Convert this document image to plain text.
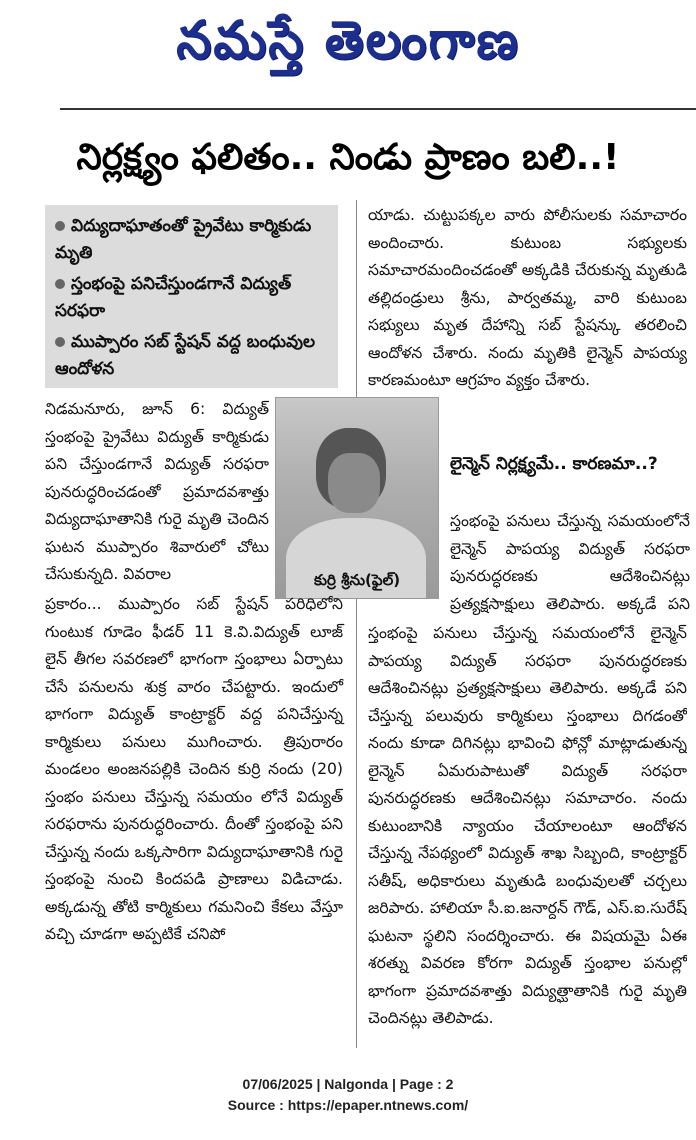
నమస్తే తెలంగాణ
నిర్లక్ష్యం ఫలితం.. నిండు ప్రాణం బలి..!
విద్యుదాఘాతంతో ప్రైవేటు కార్మికుడు మృతి
స్తంభంపై పనిచేస్తుండగానే విద్యుత్ సరఫరా
ముప్పారం సబ్ స్టేషన్ వద్ద బంధువుల ఆందోళన

నిడమనూరు, జూన్ 6: విద్యుత్ స్తంభంపై ప్రైవేటు విద్యుత్ కార్మికుడు పని చేస్తుండగానే విద్యుత్ సరఫరా పునరుద్ధరించడంతో ప్రమాదవశాత్తు విద్యుదాఘాతానికి గురై మృతి చెందిన ఘటన ముప్పారం శివారులో చోటు చేసుకున్నది. వివరాల	కుర్రి శ్రీను(ఫైల్)

ప్రకారం... ముప్పారం సబ్ స్టేషన్ పరిధిలోని గుంటుక గూడెం ఫీడర్ 11 కె.వి.విద్యుత్ లూజ్ లైన్ తీగల సవరణలో భాగంగా స్తంభాలు ఏర్పాటు చేసే పనులను శుక్ర వారం చేపట్టారు. ఇందులో భాగంగా విద్యుత్ కాంట్రాక్టర్ వద్ద పనిచేస్తున్న కార్మికులు పనులు ముగించారు. త్రిపురారం మండలం అంజనపల్లికి చెందిన కుర్రి నందు (20) స్తంభం పనులు చేస్తున్న సమయం లోనే విద్యుత్ సరఫరాను పునరుద్ధరించారు. దీంతో స్తంభంపై పని చేస్తున్న నందు ఒక్కసారిగా విద్యుదాఘాతానికి గురై స్తంభంపై నుంచి కిందపడి ప్రాణాలు విడిచాడు. అక్కడున్న తోటి కార్మికులు గమనించి కేకలు వేస్తూ వచ్చి చూడగా అప్పటికే చనిపో

యాడు. చుట్టుపక్కల వారు పోలీసులకు సమాచారం అందించారు. కుటుంబ సభ్యులకు సమాచారమందించడంతో అక్కడికి చేరుకున్న మృతుడి తల్లిదండ్రులు శ్రీను, పార్వతమ్మ, వారి కుటుంబ సభ్యులు మృత దేహాన్ని సబ్ స్టేషన్కు తరలించి ఆందోళన చేశారు. నందు మృతికి లైన్మెన్ పాపయ్య కారణమంటూ ఆగ్రహం వ్యక్తం చేశారు.

లైన్మెన్ నిర్లక్ష్యమే.. కారణమా..?

స్తంభంపై పనులు చేస్తున్న సమయంలోనే లైన్మెన్ పాపయ్య విద్యుత్ సరఫరా పునరుద్ధరణకు ఆదేశించినట్లు ప్రత్యక్షసాక్షులు తెలిపారు. అక్కడే పని

స్తంభంపై పనులు చేస్తున్న సమయంలోనే లైన్మెన్ పాపయ్య విద్యుత్ సరఫరా పునరుద్ధరణకు ఆదేశించినట్లు ప్రత్యక్షసాక్షులు తెలిపారు. అక్కడే పని చేస్తున్న పలువురు కార్మికులు స్తంభాలు దిగడంతో నందు కూడా దిగినట్లు భావించి ఫోన్లో మాట్లాడుతున్న లైన్మెన్ ఏమరుపాటుతో విద్యుత్ సరఫరా పునరుద్ధరణకు ఆదేశించినట్లు సమాచారం. నందు కుటుంబానికి న్యాయం చేయాలంటూ ఆందోళన చేస్తున్న నేపథ్యంలో విద్యుత్ శాఖ సిబ్బంది, కాంట్రాక్టర్ సతీష్, అధికారులు మృతుడి బంధువులతో చర్చలు జరిపారు. హాలియా సీ.ఐ.జనార్దన్ గౌడ్, ఎస్.ఐ.సురేష్ ఘటనా స్థలిని సందర్శించారు. ఈ విషయమై ఏఈ శరత్ను వివరణ కోరగా విద్యుత్ స్తంభాల పనుల్లో భాగంగా ప్రమాదవశాత్తు విద్యుత్ఘాతానికి గురై మృతి చెందినట్లు తెలిపాడు.

07/06/2025 | Nalgonda | Page : 2
Source : https://epaper.ntnews.com/
